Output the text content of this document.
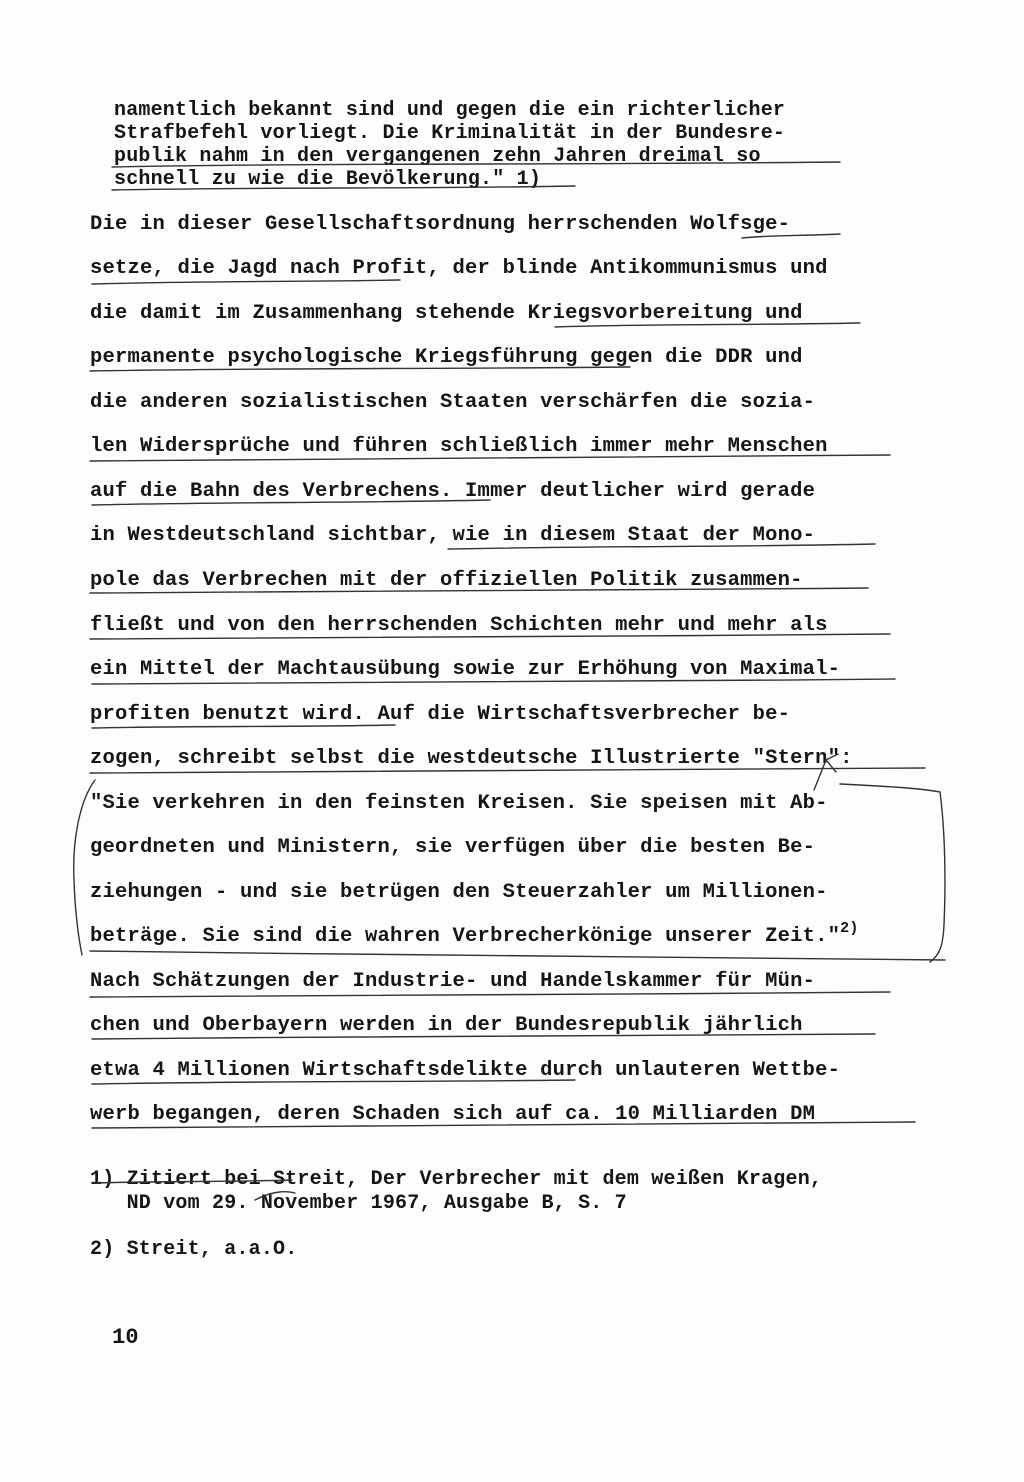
namentlich bekannt sind und gegen die ein richterlicher
Strafbefehl vorliegt. Die Kriminalität in der Bundesre-
publik nahm in den vergangenen zehn Jahren dreimal so
schnell zu wie die Bevölkerung." 1)
Die in dieser Gesellschaftsordnung herrschenden Wolfsge-
setze, die Jagd nach Profit, der blinde Antikommunismus und
die damit im Zusammenhang stehende Kriegsvorbereitung und
permanente psychologische Kriegsführung gegen die DDR und
die anderen sozialistischen Staaten verschärfen die sozia-
len Widersprüche und führen schließlich immer mehr Menschen
auf die Bahn des Verbrechens. Immer deutlicher wird gerade
in Westdeutschland sichtbar, wie in diesem Staat der Mono-
pole das Verbrechen mit der offiziellen Politik zusammen-
fließt und von den herrschenden Schichten mehr und mehr als
ein Mittel der Machtausübung sowie zur Erhöhung von Maximal-
profiten benutzt wird. Auf die Wirtschaftsverbrecher be-
zogen, schreibt selbst die westdeutsche Illustrierte "Stern":
"Sie verkehren in den feinsten Kreisen. Sie speisen mit Ab-
geordneten und Ministern, sie verfügen über die besten Be-
ziehungen - und sie betrügen den Steuerzahler um Millionen-
beträge. Sie sind die wahren Verbrecherkönige unserer Zeit."$^{2)}$
Nach Schätzungen der Industrie- und Handelskammer für Mün-
chen und Oberbayern werden in der Bundesrepublik jährlich
etwa 4 Millionen Wirtschaftsdelikte durch unlauteren Wettbe-
werb begangen, deren Schaden sich auf ca. 10 Milliarden DM
1) Zitiert bei Streit, Der Verbrecher mit dem weißen Kragen,
ND vom 29. November 1967, Ausgabe B, S. 7
2) Streit, a.a.O.
10
